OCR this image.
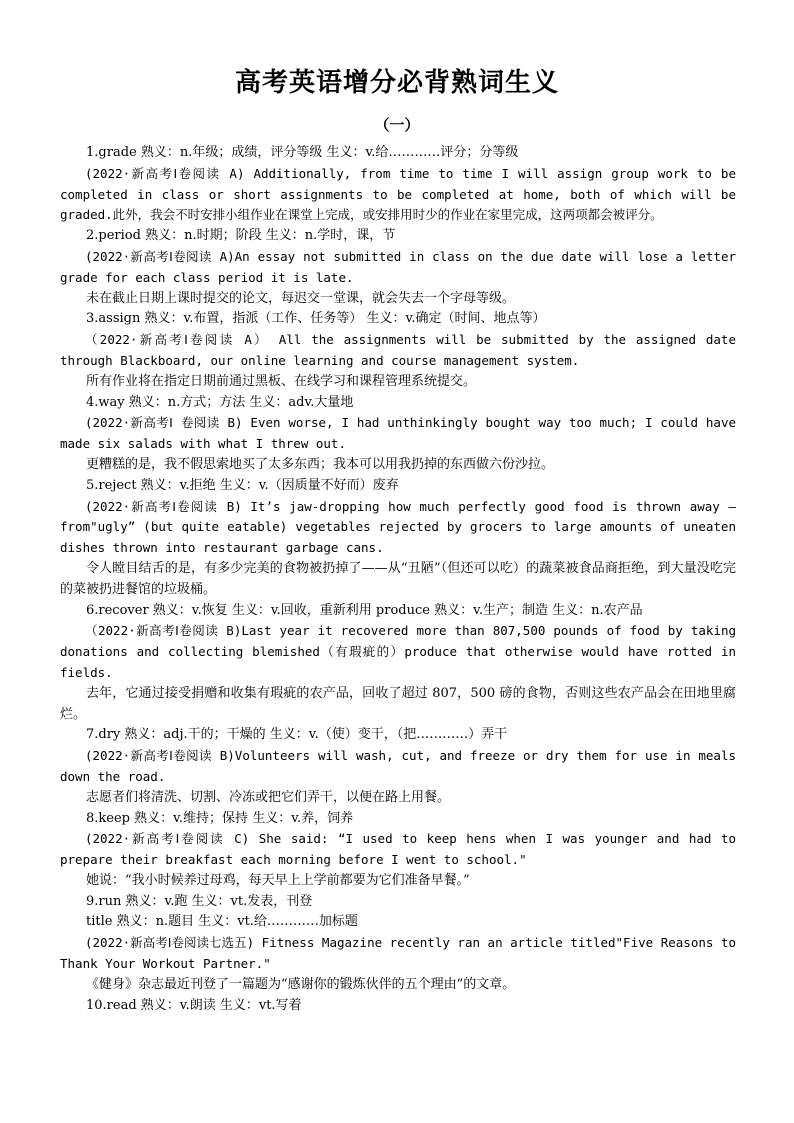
高考英语增分必背熟词生义
（一）

1.grade 熟义：n.年级；成绩，评分等级 生义：v.给…………评分；分等级

(2022·新高考Ⅰ卷阅读 A) Additionally, from time to time I will assign group work to be completed in class or short assignments to be completed at home, both of which will be graded.此外，我会不时安排小组作业在课堂上完成，或安排用时少的作业在家里完成，这两项都会被评分。

2.period 熟义：n.时期；阶段 生义：n.学时，课，节

(2022·新高考Ⅰ卷阅读 A)An essay not submitted in class on the due date will lose a letter grade for each class period it is late.

未在截止日期上课时提交的论文，每迟交一堂课，就会失去一个字母等级。

3.assign 熟义：v.布置，指派（工作、任务等） 生义：v.确定（时间、地点等）

（2022·新高考Ⅰ卷阅读 A） All the assignments will be submitted by the assigned date through Blackboard, our online learning and course management system.

所有作业将在指定日期前通过黑板、在线学习和课程管理系统提交。

4.way 熟义：n.方式；方法 生义：adv.大量地

(2022·新高考Ⅰ 卷阅读 B) Even worse, I had unthinkingly bought way too much; I could have made six salads with what I threw out.

更糟糕的是，我不假思索地买了太多东西；我本可以用我扔掉的东西做六份沙拉。

5.reject 熟义：v.拒绝 生义：v.（因质量不好而）废弃

(2022·新高考Ⅰ卷阅读 B) It’s jaw-dropping how much perfectly good food is thrown away — from"ugly” (but quite eatable) vegetables rejected by grocers to large amounts of uneaten dishes thrown into restaurant garbage cans.

令人瞠目结舌的是，有多少完美的食物被扔掉了——从“丑陋”（但还可以吃）的蔬菜被食品商拒绝，到大量没吃完的菜被扔进餐馆的垃圾桶。

6.recover 熟义：v.恢复 生义：v.回收，重新利用 produce 熟义：v.生产；制造 生义：n.农产品

（2022·新高考Ⅰ卷阅读 B)Last year it recovered more than 807,500 pounds of food by taking donations and collecting blemished（有瑕疵的）produce that otherwise would have rotted in fields.

去年，它通过接受捐赠和收集有瑕疵的农产品，回收了超过 807，500 磅的食物，否则这些农产品会在田地里腐烂。

7.dry 熟义：adj.干的；干燥的 生义：v.（使）变干，（把…………）弄干

(2022·新高考Ⅰ卷阅读 B)Volunteers will wash, cut, and freeze or dry them for use in meals down the road.

志愿者们将清洗、切割、冷冻或把它们弄干，以便在路上用餐。

8.keep 熟义：v.维持；保持 生义：v.养，饲养

(2022·新高考Ⅰ卷阅读 C) She said: “I used to keep hens when I was younger and had to prepare their breakfast each morning before I went to school."

她说：“我小时候养过母鸡，每天早上上学前都要为它们准备早餐。”

9.run 熟义：v.跑 生义：vt.发表，刊登

title 熟义：n.题目 生义：vt.给…………加标题

(2022·新高考Ⅰ卷阅读七选五) Fitness Magazine recently ran an article titled"Five Reasons to Thank Your Workout Partner."

《健身》杂志最近刊登了一篇题为“感谢你的锻炼伙伴的五个理由”的文章。

10.read 熟义：v.朗读 生义：vt.写着
